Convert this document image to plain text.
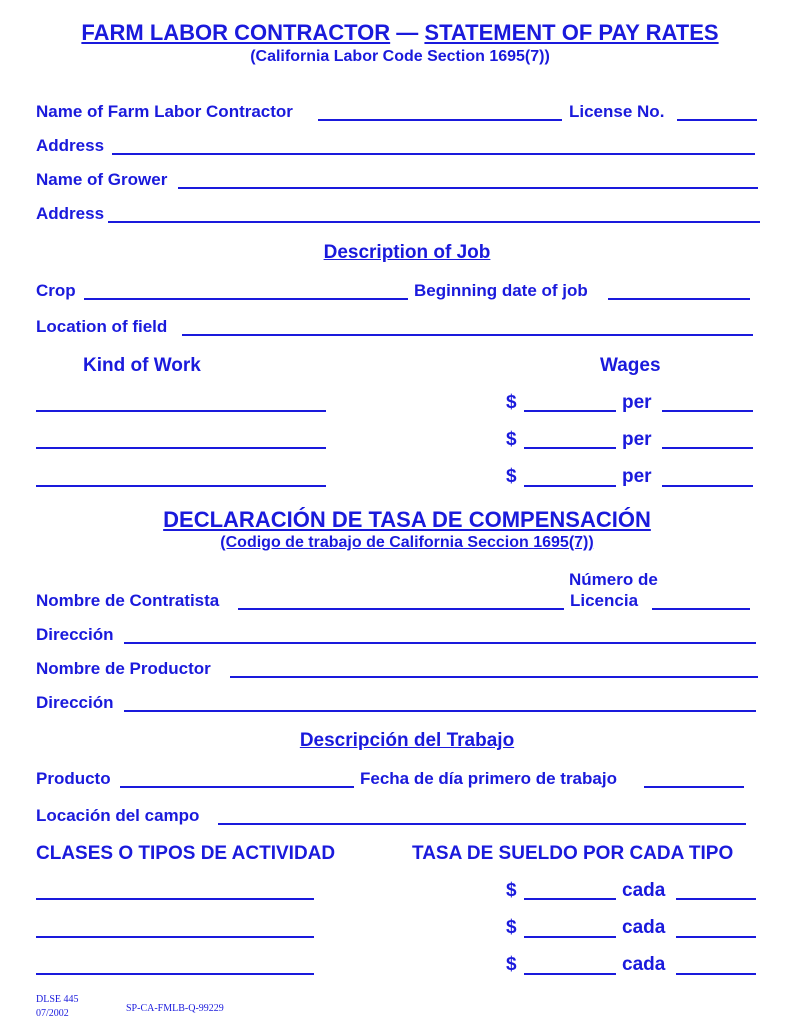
FARM LABOR CONTRACTOR — STATEMENT OF PAY RATES
(California Labor Code Section 1695(7))
Name of Farm Labor Contractor	License No.
Address
Name of Grower
Address
Description of Job
Crop	Beginning date of job
Location of field
Kind of Work	Wages
$	per
$	per
$	per
DECLARACIÓN DE TASA DE COMPENSACIÓN
(Codigo de trabajo de California Seccion 1695(7))
Número de
Nombre de Contratista	Licencia
Dirección
Nombre de Productor
Dirección
Descripción del Trabajo
Producto	Fecha de día primero de trabajo
Locación del campo
CLASES O TIPOS DE ACTIVIDAD	TASA DE SUELDO POR CADA TIPO
$	cada
$	cada
$	cada
DLSE 445
07/2002	SP-CA-FMLB-Q-99229
